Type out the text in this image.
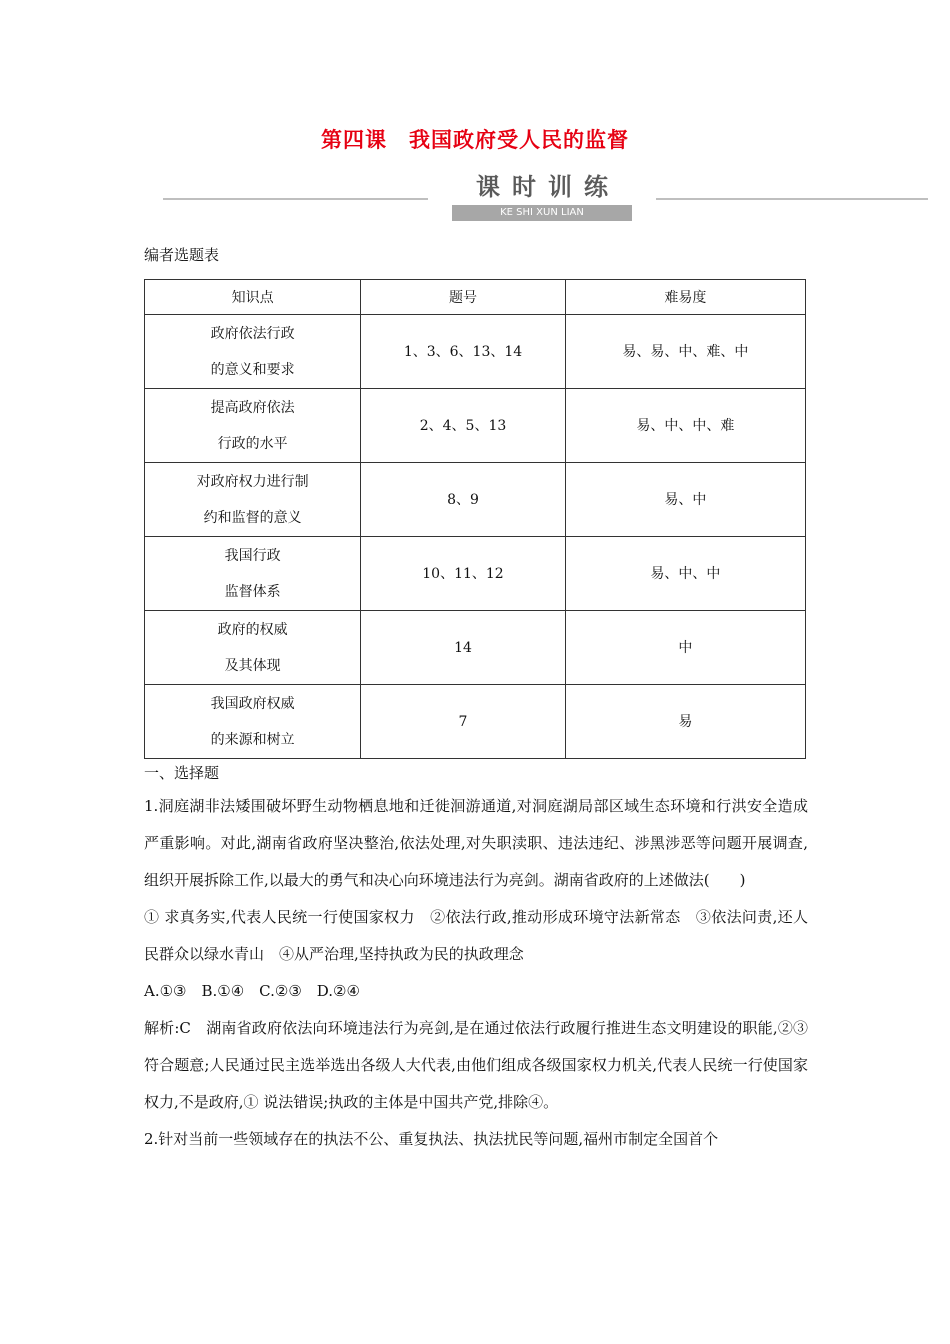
第四课　我国政府受人民的监督
课时训练
KE SHI XUN LIAN
编者选题表
知识点	题号	难易度
政府依法行政
的意义和要求	1、3、6、13、14	易、易、中、难、中
提高政府依法
行政的水平	2、4、5、13	易、中、中、难
对政府权力进行制
约和监督的意义	8、9	易、中
我国行政
监督体系	10、11、12	易、中、中
政府的权威
及其体现	14	中
我国政府权威
的来源和树立	7	易
一、选择题
1.洞庭湖非法矮围破坏野生动物栖息地和迁徙洄游通道,对洞庭湖局部区域生态环境和行洪安全造成严重影响。对此,湖南省政府坚决整治,依法处理,对失职渎职、违法违纪、涉黑涉恶等问题开展调查,组织开展拆除工作,以最大的勇气和决心向环境违法行为亮剑。湖南省政府的上述做法(　　)
① 求真务实,代表人民统一行使国家权力　②依法行政,推动形成环境守法新常态　③依法问责,还人民群众以绿水青山　④从严治理,坚持执政为民的执政理念
A.①③　B.①④　C.②③　D.②④
解析:C　湖南省政府依法向环境违法行为亮剑,是在通过依法行政履行推进生态文明建设的职能,②③ 符合题意;人民通过民主选举选出各级人大代表,由他们组成各级国家权力机关,代表人民统一行使国家权力,不是政府,① 说法错误;执政的主体是中国共产党,排除④。
2.针对当前一些领域存在的执法不公、重复执法、执法扰民等问题,福州市制定全国首个
